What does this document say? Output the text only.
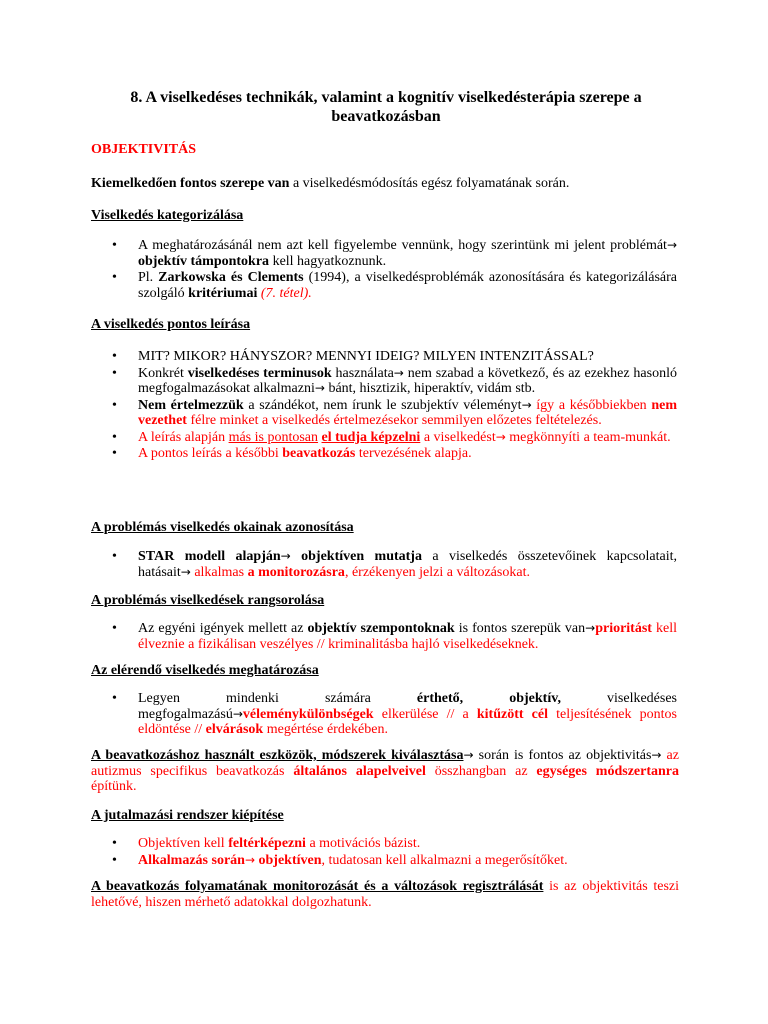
8. A viselkedéses technikák, valamint a kognitív viselkedésterápia szerepe a beavatkozásban
OBJEKTIVITÁS
Kiemelkedően fontos szerepe van a viselkedésmódosítás egész folyamatának során.
Viselkedés kategorizálása
• A meghatározásánál nem azt kell figyelembe vennünk, hogy szerintünk mi jelent problémát→ objektív támpontokra kell hagyatkoznunk.
• Pl. Zarkowska és Clements (1994), a viselkedésproblémák azonosítására és kategorizálására szolgáló kritériumai (7. tétel).
A viselkedés pontos leírása
• MIT? MIKOR? HÁNYSZOR? MENNYI IDEIG? MILYEN INTENZITÁSSAL?
• Konkrét viselkedéses terminusok használata→ nem szabad a következő, és az ezekhez hasonló megfogalmazásokat alkalmazni→ bánt, hisztizik, hiperaktív, vidám stb.
• Nem értelmezzük a szándékot, nem írunk le szubjektív véleményt→ így a későbbiekben nem vezethet félre minket a viselkedés értelmezésekor semmilyen előzetes feltételezés.
• A leírás alapján más is pontosan el tudja képzelni a viselkedést→ megkönnyíti a team-munkát.
• A pontos leírás a későbbi beavatkozás tervezésének alapja.
A problémás viselkedés okainak azonosítása
• STAR modell alapján→ objektíven mutatja a viselkedés összetevőinek kapcsolatait, hatásait→ alkalmas a monitorozásra, érzékenyen jelzi a változásokat.
A problémás viselkedések rangsorolása
• Az egyéni igények mellett az objektív szempontoknak is fontos szerepük van→prioritást kell élveznie a fizikálisan veszélyes // kriminalitásba hajló viselkedéseknek.
Az elérendő viselkedés meghatározása
• Legyen mindenki számára érthető, objektív, viselkedéses megfogalmazású→véleménykülönbségek elkerülése // a kitűzött cél teljesítésének pontos eldöntése // elvárások megértése érdekében.
A beavatkozáshoz használt eszközök, módszerek kiválasztása→ során is fontos az objektivitás→ az autizmus specifikus beavatkozás általános alapelveivel összhangban az egységes módszertanra építünk.
A jutalmazási rendszer kiépítése
• Objektíven kell feltérképezni a motivációs bázist.
• Alkalmazás során→ objektíven, tudatosan kell alkalmazni a megerősítőket.
A beavatkozás folyamatának monitorozását és a változások regisztrálását is az objektivitás teszi lehetővé, hiszen mérhető adatokkal dolgozhatunk.
